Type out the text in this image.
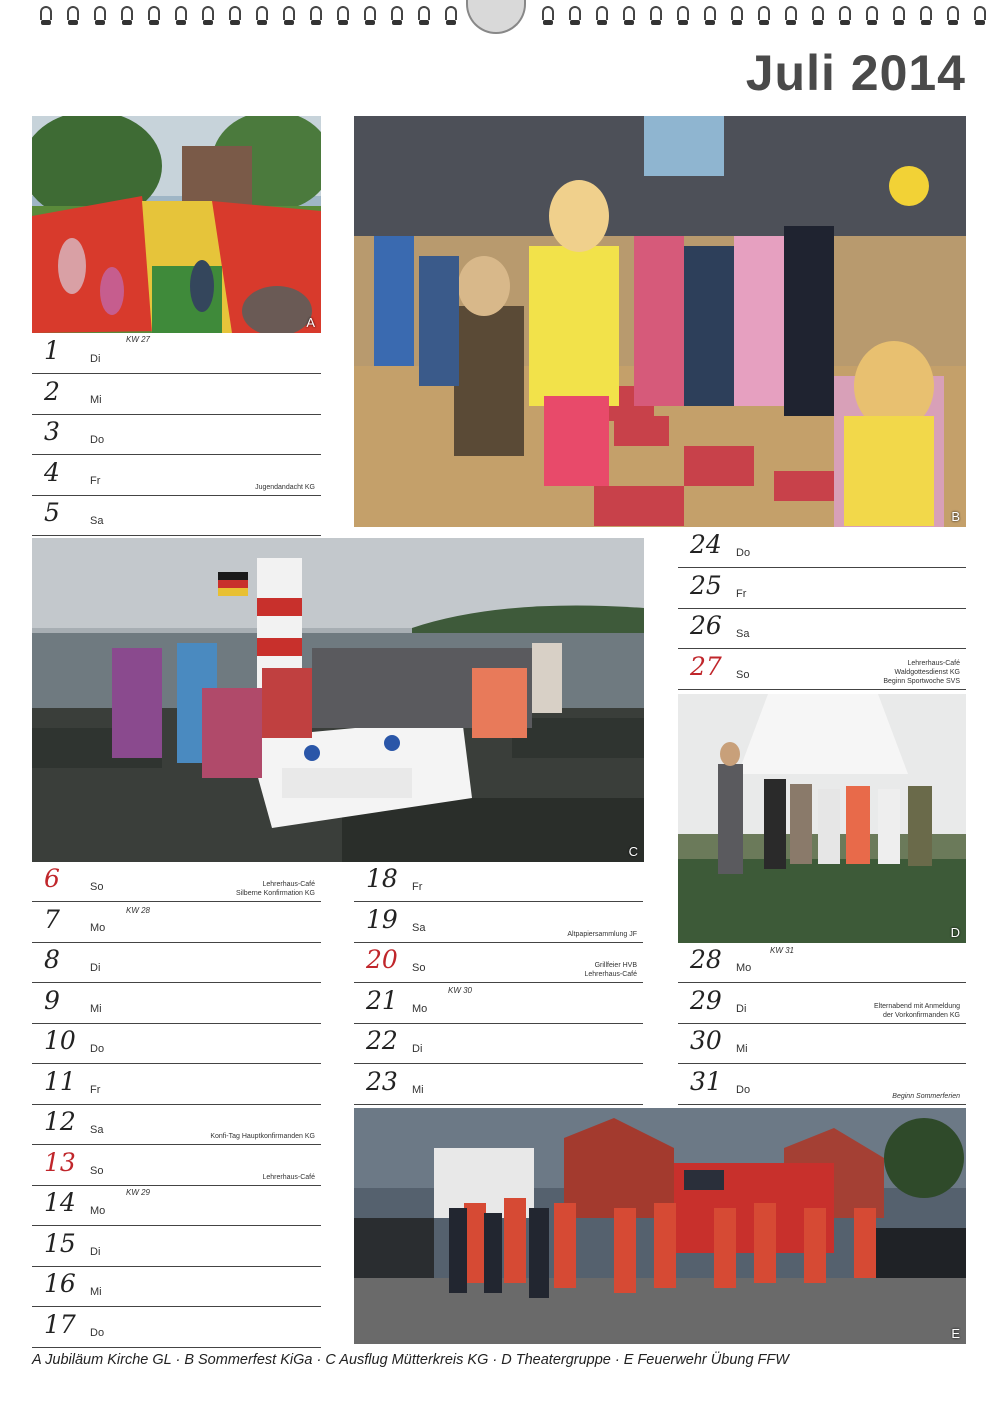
Juli 2014
A
B
C
D
E
1	Di
2	Mi
3	Do
4	Fr
Jugendandacht KG
5	Sa
6	So	Lehrerhaus-Café
Silberne Konfirmation KG
7	Mo
8	Di
9	Mi
10 Do
11 Fr
12 Sa
Konfi-Tag Hauptkonfirmanden KG
13 So
Lehrerhaus-Café
14 Mo
15 Di
16 Mi
17 Do
18 Fr
19 Sa
Altpapiersammlung JF
20 So	Grillfeier HVB
Lehrerhaus-Café
21 Mo
22 Di
23 Mi
24 Do
25 Fr
26 Sa
27 So
Lehrerhaus-Café
Waldgottesdienst KG
Beginn Sportwoche SVS
28 Mo
29 Di	Elternabend mit Anmeldung
der Vorkonfirmanden KG
30 Mi
31 Do
Beginn Sommerferien
KW 27
KW 28
KW 29
KW 30
KW 31
A Jubiläum Kirche GL · B Sommerfest KiGa · C Ausflug Mütterkreis KG · D Theatergruppe · E Feuerwehr Übung FFW
